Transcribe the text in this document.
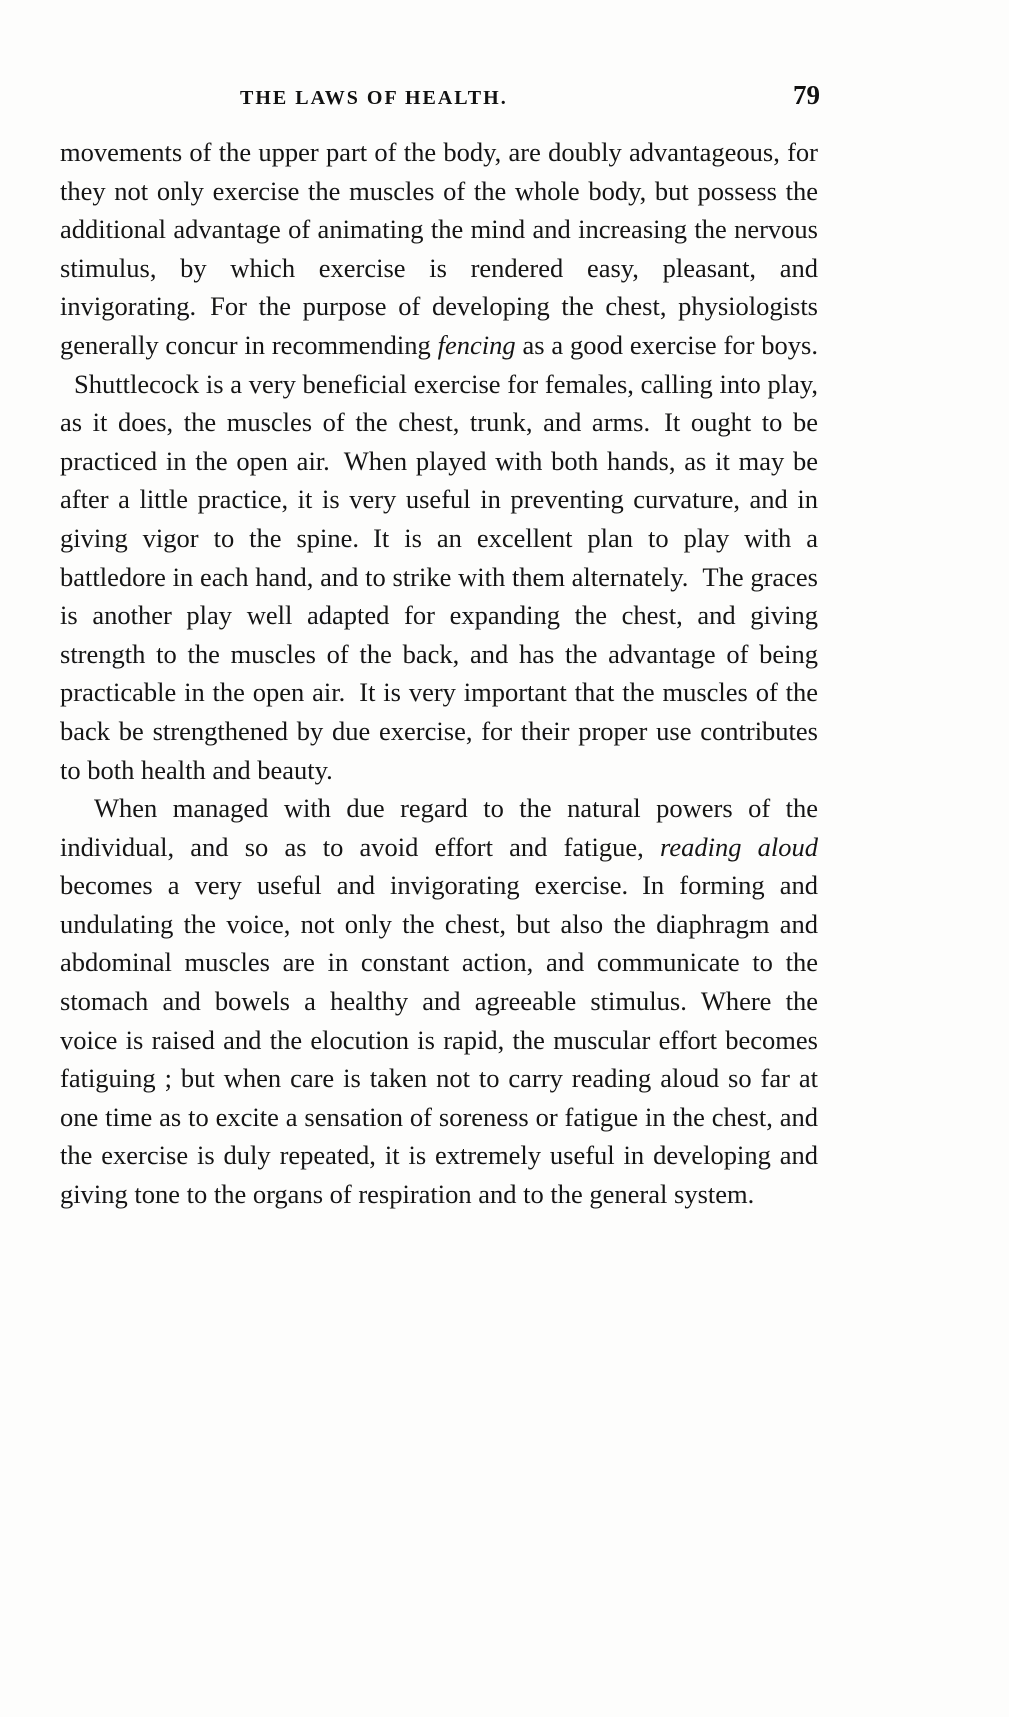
THE LAWS OF HEALTH.	79

movements of the upper part of the body, are doubly advantageous, for they not only exercise the muscles of the whole body, but possess the additional advantage of animating the mind and increasing the nervous stimulus, by which exercise is rendered easy, pleasant, and invigorating. For the purpose of developing the chest, physiologists generally concur in recommending fencing as a good exercise for boys.Shuttlecock is a very beneficial exercise for females, calling into play, as it does, the muscles of the chest, trunk, and arms. It ought to be practiced in the open air. When played with both hands, as it may be after a little practice, it is very useful in preventing curvature, and in giving vigor to the spine. It is an excellent plan to play with a battledore in each hand, and to strike with them alternately. The graces is another play well adapted for expanding the chest, and giving strength to the muscles of the back, and has the advantage of being practicable in the open air. It is very important that the muscles of the back be strengthened by due exercise, for their proper use contributes to both health and beauty.

When managed with due regard to the natural powers of the individual, and so as to avoid effort and fatigue, reading aloud becomes a very useful and invigorating exercise. In forming and undulating the voice, not only the chest, but also the diaphragm and abdominal muscles are in constant action, and communicate to the stomach and bowels a healthy and agreeable stimulus. Where the voice is raised and the elocution is rapid, the muscular effort becomes fatiguing ; but when care is taken not to carry reading aloud so far at one time as to excite a sensation of soreness or fatigue in the chest, and the exercise is duly repeated, it is extremely useful in developing and giving tone to the organs of respiration and to the general system.
